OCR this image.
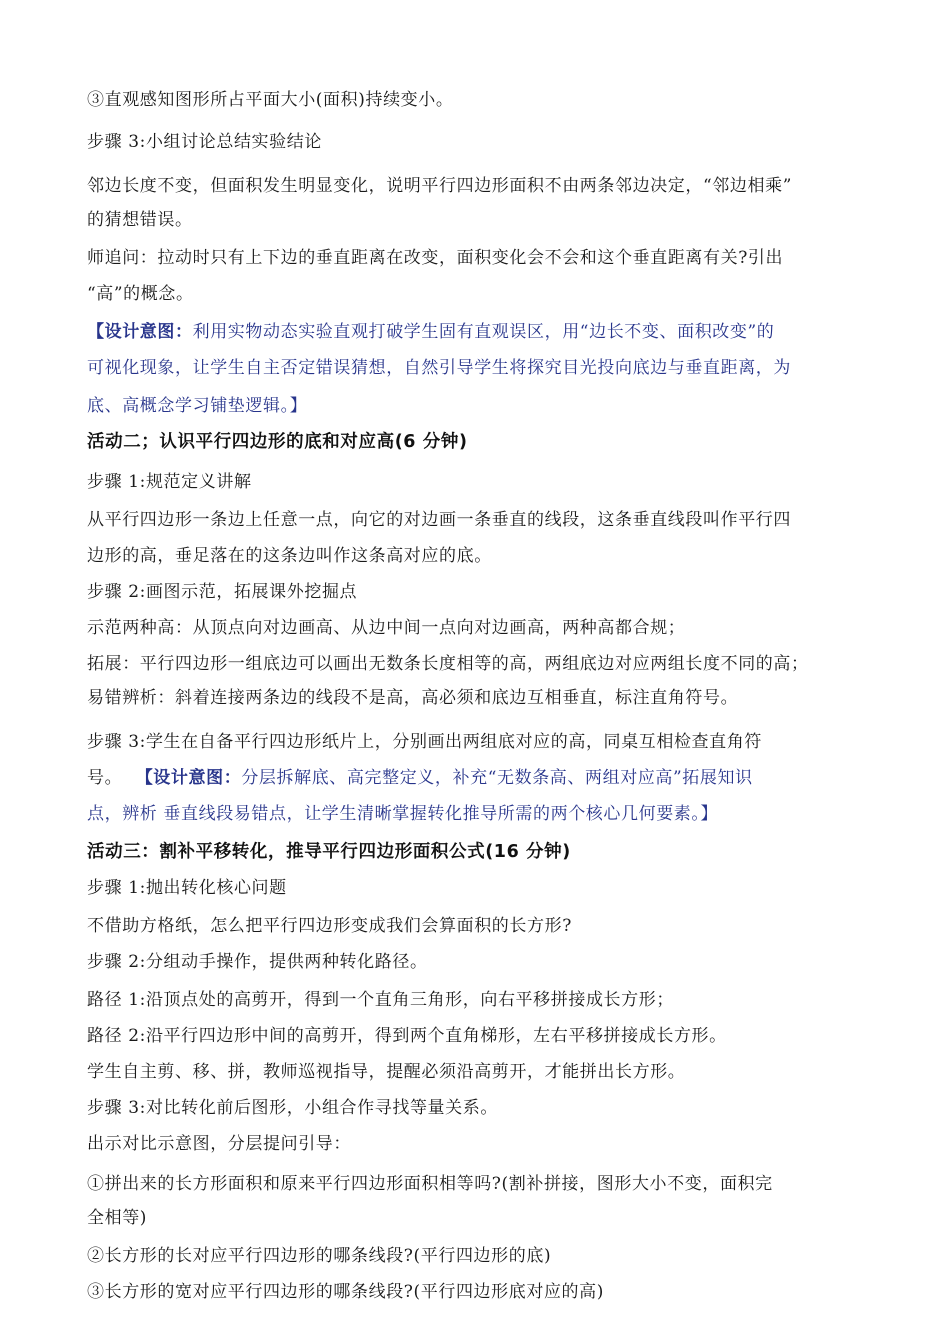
③直观感知图形所占平面大小(面积)持续变小。
步骤 3:小组讨论总结实验结论
邻边长度不变，但面积发生明显变化，说明平行四边形面积不由两条邻边决定，“邻边相乘”
的猜想错误。
师追问：拉动时只有上下边的垂直距离在改变，面积变化会不会和这个垂直距离有关?引出
“高”的概念。
【设计意图：利用实物动态实验直观打破学生固有直观误区，用“边长不变、面积改变”的
可视化现象，让学生自主否定错误猜想，自然引导学生将探究目光投向底边与垂直距离，为
底、高概念学习铺垫逻辑。】
活动二；认识平行四边形的底和对应高(6 分钟)
步骤 1:规范定义讲解
从平行四边形一条边上任意一点，向它的对边画一条垂直的线段，这条垂直线段叫作平行四
边形的高，垂足落在的这条边叫作这条高对应的底。
步骤 2:画图示范，拓展课外挖掘点
示范两种高：从顶点向对边画高、从边中间一点向对边画高，两种高都合规；
拓展：平行四边形一组底边可以画出无数条长度相等的高，两组底边对应两组长度不同的高；
易错辨析：斜着连接两条边的线段不是高，高必须和底边互相垂直，标注直角符号。
步骤 3:学生在自备平行四边形纸片上，分别画出两组底对应的高，同桌互相检查直角符
号。 【设计意图：分层拆解底、高完整定义，补充“无数条高、两组对应高”拓展知识
点，辨析 垂直线段易错点，让学生清晰掌握转化推导所需的两个核心几何要素。】
活动三：割补平移转化，推导平行四边形面积公式(16 分钟)
步骤 1:抛出转化核心问题
不借助方格纸，怎么把平行四边形变成我们会算面积的长方形?
步骤 2:分组动手操作，提供两种转化路径。
路径 1:沿顶点处的高剪开，得到一个直角三角形，向右平移拼接成长方形；
路径 2:沿平行四边形中间的高剪开，得到两个直角梯形，左右平移拼接成长方形。
学生自主剪、移、拼，教师巡视指导，提醒必须沿高剪开，才能拼出长方形。
步骤 3:对比转化前后图形，小组合作寻找等量关系。
出示对比示意图，分层提问引导：
①拼出来的长方形面积和原来平行四边形面积相等吗?(割补拼接，图形大小不变，面积完
全相等)
②长方形的长对应平行四边形的哪条线段?(平行四边形的底)
③长方形的宽对应平行四边形的哪条线段?(平行四边形底对应的高)
